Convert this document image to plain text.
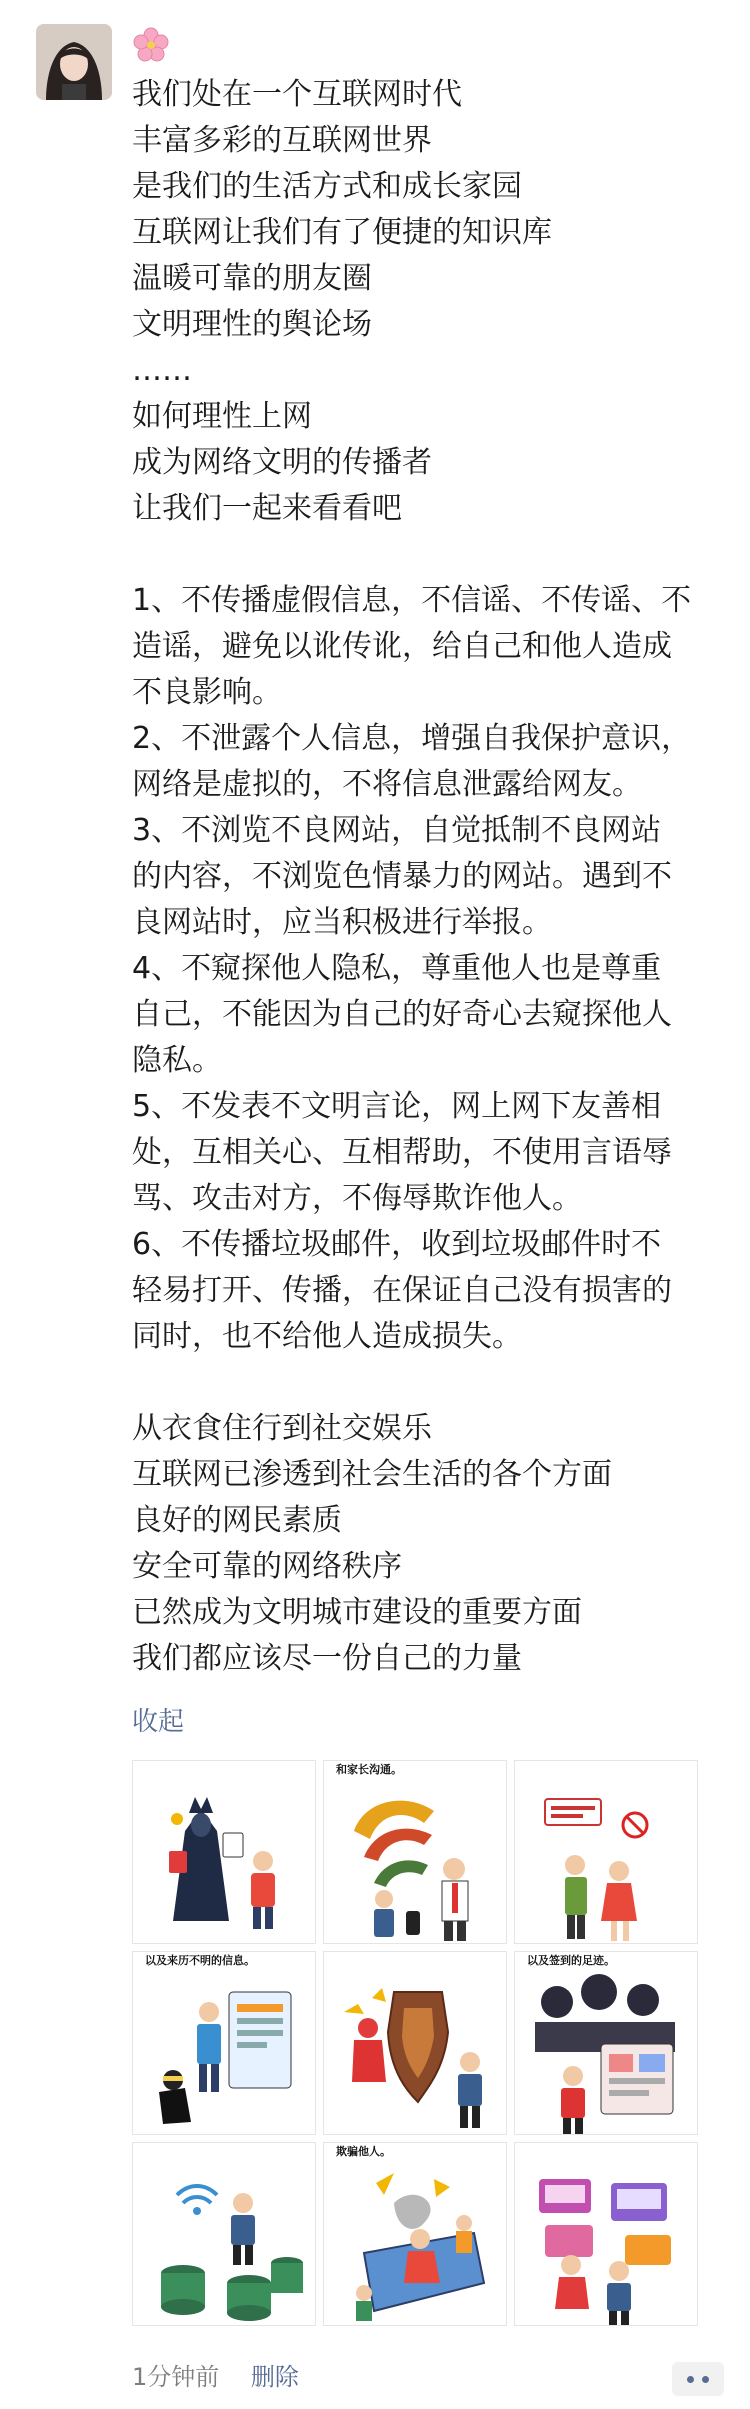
我们处在一个互联网时代

丰富多彩的互联网世界

是我们的生活方式和成长家园

互联网让我们有了便捷的知识库

温暖可靠的朋友圈

文明理性的舆论场

……

如何理性上网

成为网络文明的传播者

让我们一起来看看吧

1、不传播虚假信息，不信谣、不传谣、不

造谣，避免以讹传讹，给自己和他人造成

不良影响。

2、不泄露个人信息，增强自我保护意识，

网络是虚拟的，不将信息泄露给网友。

3、不浏览不良网站，自觉抵制不良网站

的内容，不浏览色情暴力的网站。遇到不

良网站时，应当积极进行举报。

4、不窥探他人隐私，尊重他人也是尊重

自己，不能因为自己的好奇心去窥探他人

隐私。

5、不发表不文明言论，网上网下友善相

处，互相关心、互相帮助，不使用言语辱

骂、攻击对方，不侮辱欺诈他人。

6、不传播垃圾邮件，收到垃圾邮件时不

轻易打开、传播，在保证自己没有损害的

同时，也不给他人造成损失。

从衣食住行到社交娱乐

互联网已渗透到社会生活的各个方面

良好的网民素质

安全可靠的网络秩序

已然成为文明城市建设的重要方面

我们都应该尽一份自己的力量

收起
和家长沟通。
以及来历不明的信息。	以及签到的足迹。
欺骗他人。
1分钟前 删除
